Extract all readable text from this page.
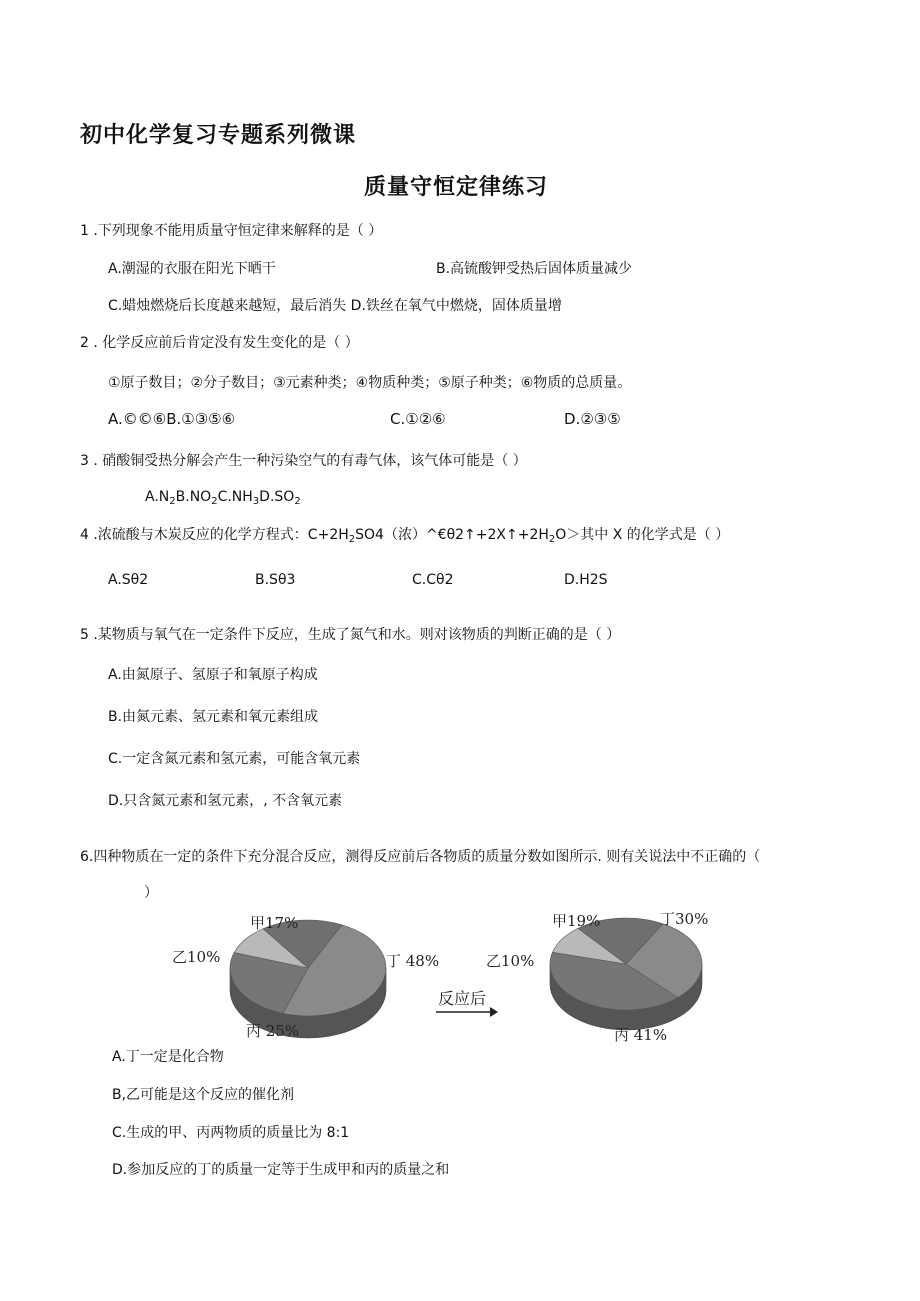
初中化学复习专题系列微课
质量守恒定律练习
1 .下列现象不能用质量守恒定律来解释的是（ ）
A.潮湿的衣服在阳光下晒干	B.高锍酸钾受热后固体质量减少
C.蜡烛燃烧后长度越来越短，最后消失 D.铁丝在氧气中燃烧，固体质量增
2 . 化学反应前后肯定没有发生变化的是（ ）
①原子数目；②分子数目；③元素种类；④物质种类；⑤原子种类；⑥物质的总质量。
A.©©⑥B.①③⑤⑥	C.①②⑥	D.②③⑤
3 . 硝酸铜受热分解会产生一种污染空气的有毒气体，该气体可能是（ ）
$A.N_2B.NO_2C.NH_3D.SO_2$
4 .浓硫酸与木炭反应的化学方程式：$C+2H_2SO4$（浓）$\^{}€\theta 2↑+2X↑+2H_2O>$其中 X 的化学式是（ ）
A.Sθ2	B.Sθ3	C.Cθ2	D.H2S
5 .某物质与氧气在一定条件下反应，生成了氮气和水。则对该物质的判断正确的是（ ）
A.由氮原子、氢原子和氧原子构成
B.由氮元素、氢元素和氧元素组成
C.一定含氮元素和氢元素，可能含氧元素
D.只含氮元素和氢元素，, 不含氧元素
6.四种物质在一定的条件下充分混合反应，测得反应前后各物质的质量分数如图所示. 则有关说法中不正确的（
）
甲17%
丁 48%
丙 25%
乙10%
甲19%	丁30%
丙 41%
乙10%
反应后
A.丁一定是化合物
B,乙可能是这个反应的催化剂
C.生成的甲、丙两物质的质量比为 8:1
D.参加反应的丁的质量一定等于生成甲和丙的质量之和
